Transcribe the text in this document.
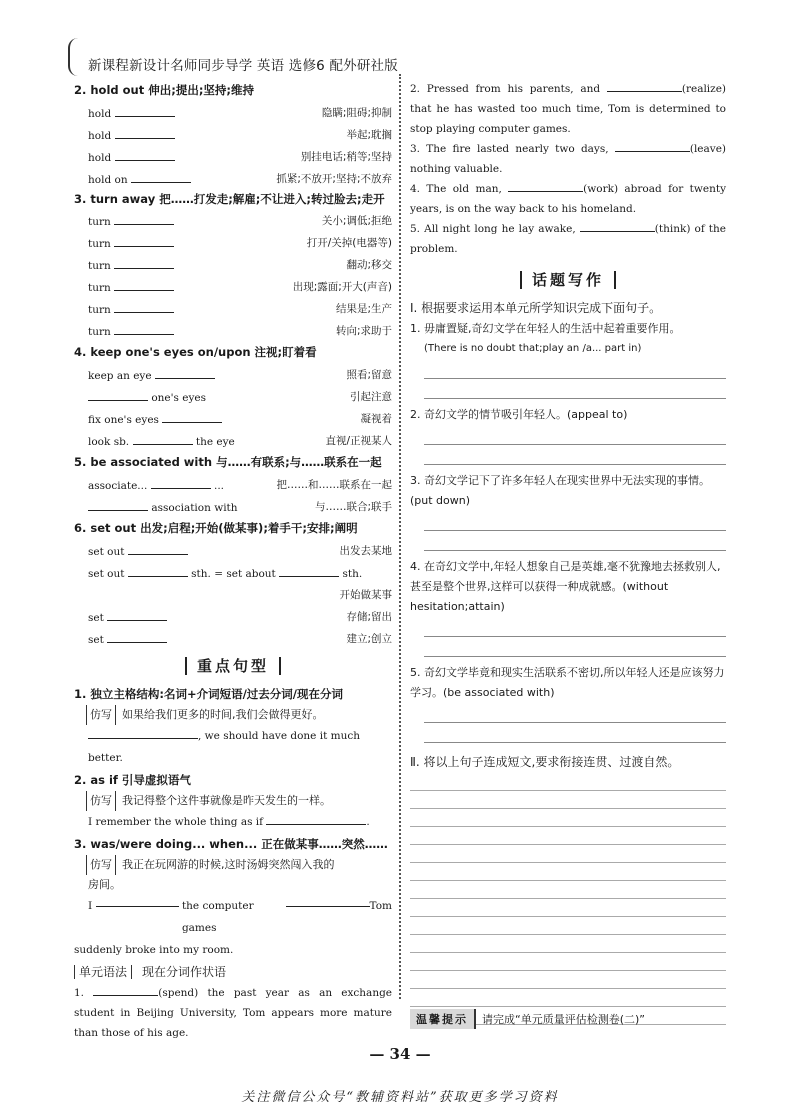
新课程新设计名师同步导学 英语 选修6 配外研社版
2. hold out 伸出;提出;坚持;维持
hold	隐瞒;阻碍;抑制
hold	举起;耽搁
hold	别挂电话;稍等;坚持
hold on	抓紧;不放开;坚持;不放弃
3. turn away 把……打发走;解雇;不让进入;转过脸去;走开
turn	关小;调低;拒绝
turn	打开/关掉(电器等)
turn	翻动;移交
turn	出现;露面;开大(声音)
turn	结果是;生产
turn	转向;求助于
4. keep one's eyes on/upon 注视;盯着看
keep an eye	照看;留意
one's eyes	引起注意
fix one's eyes	凝视着
look sb.	the eye	直视/正视某人
5. be associated with 与……有联系;与……联系在一起
associate...	...	把……和……联系在一起
association with	与……联合;联手
6. set out 出发;启程;开始(做某事);着手干;安排;阐明
set out	出发去某地
set out	sth. = set about	sth.
开始做某事
set	存储;留出
set	建立;创立
重点句型
1. 独立主格结构:名词+介词短语/过去分词/现在分词
仿写 如果给我们更多的时间,我们会做得更好。
, we should have done it much better.
2. as if 引导虚拟语气
仿写 我记得整个这件事就像是昨天发生的一样。
I remember the whole thing as if	.
3. was/were doing... when... 正在做某事……突然……
仿写 我正在玩网游的时候,这时汤姆突然闯入我的
房间。
I

	the computer games

Tom
suddenly broke into my room.
单元语法 现在分词作状语
1.	(spend) the past year as an exchange student in Beijing University, Tom appears more mature than those of his age.
2. Pressed from his parents, and	(realize) that he has wasted too much time, Tom is determined to stop playing computer games.
3. The fire lasted nearly two days,	(leave) nothing valuable.
4. The old man,	(work) abroad for twenty years, is on the way back to his homeland.
5. All night long he lay awake,	(think) of the problem.
话题写作
Ⅰ. 根据要求运用本单元所学知识完成下面句子。
1. 毋庸置疑,奇幻文学在年轻人的生活中起着重要作用。
(There is no doubt that;play an /a... part in)
2. 奇幻文学的情节吸引年轻人。(appeal to)
3. 奇幻文学记下了许多年轻人在现实世界中无法实现的事情。(put down)
4. 在奇幻文学中,年轻人想象自己是英雄,毫不犹豫地去拯救别人,甚至是整个世界,这样可以获得一种成就感。(without hesitation;attain)
5. 奇幻文学毕竟和现实生活联系不密切,所以年轻人还是应该努力学习。(be associated with)
Ⅱ. 将以上句子连成短文,要求衔接连贯、过渡自然。
温馨提示	请完成“单元质量评估检测卷(二)”
— 34 —
关注微信公众号“教辅资料站”获取更多学习资料
